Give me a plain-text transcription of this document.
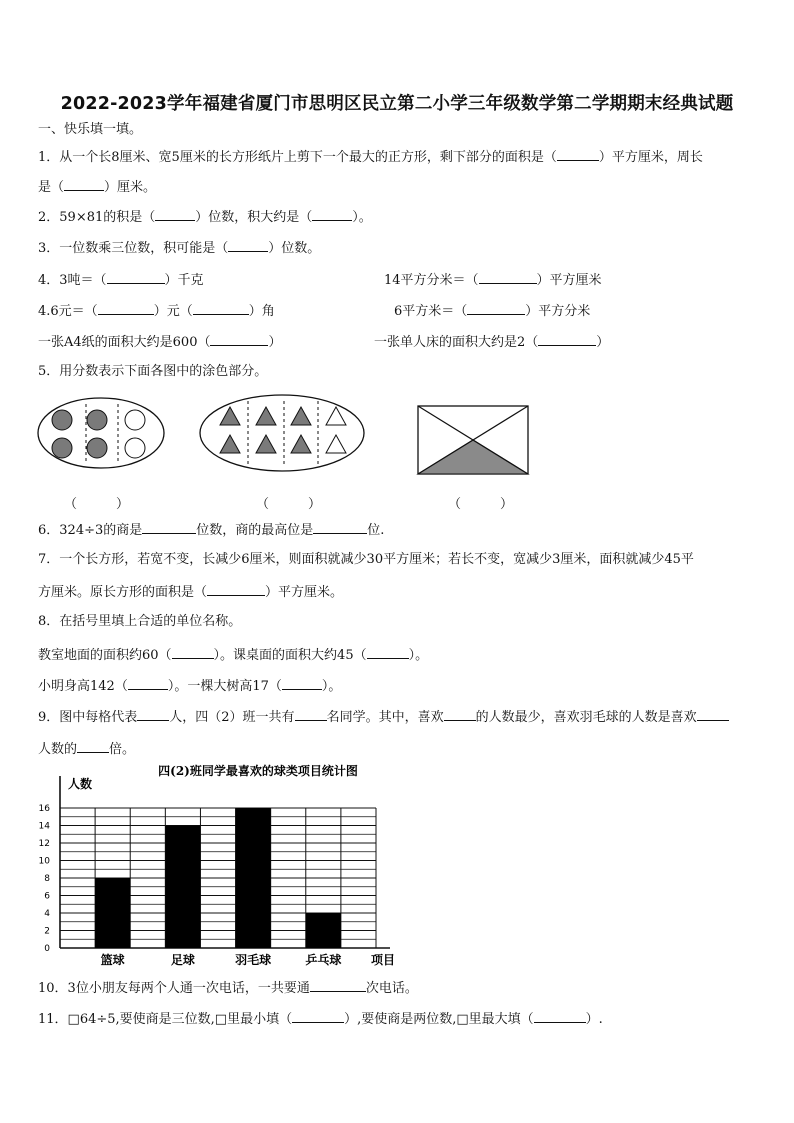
2022-2023学年福建省厦门市思明区民立第二小学三年级数学第二学期期末经典试题
一、快乐填一填。
1．从一个长8厘米、宽5厘米的长方形纸片上剪下一个最大的正方形，剩下部分的面积是（	）平方厘米，周长
是（	）厘米。
2．59×81的积是（	）位数，积大约是（	）。
3．一位数乘三位数，积可能是（	）位数。
4．3吨＝（	）千克	14平方分米＝（	）平方厘米
4.6元＝（	）元（	）角	6平方米＝（	）平方分米
一张A4纸的面积大约是600（	）	一张单人床的面积大约是2（	）
5．用分数表示下面各图中的涂色部分。
（　　　）	（　　　）	（　　　）
6．324÷3的商是	位数，商的最高位是	位.
7．一个长方形，若宽不变，长减少6厘米，则面积就减少30平方厘米；若长不变，宽减少3厘米，面积就减少45平
方厘米。原长方形的面积是（	）平方厘米。
8．在括号里填上合适的单位名称。
教室地面的面积约60（	）。课桌面的面积大约45（	）。
小明身高142（	）。一棵大树高17（	）。
9．图中每格代表 人，四（2）班一共有 名同学。其中，喜欢 的人数最少，喜欢羽毛球的人数是喜欢
人数的 倍。
0
2
4
6
8
10
12
14
16
篮球	足球	羽毛球	乒乓球
四(2)班同学最喜欢的球类项目统计图
人数
项目
10．3位小朋友每两个人通一次电话，一共要通	次电话。
11．□64÷5,要使商是三位数,□里最小填（	）,要使商是两位数,□里最大填（	）.
